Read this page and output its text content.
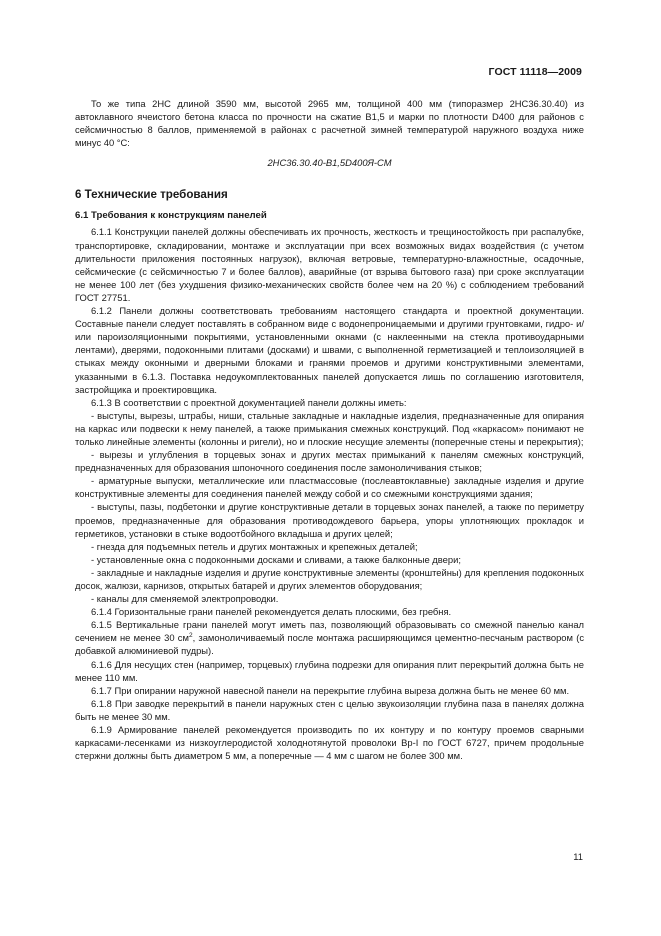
ГОСТ 11118—2009

То же типа 2НС длиной 3590 мм, высотой 2965 мм, толщиной 400 мм (типоразмер 2НС36.30.40) из автоклавного ячеистого бетона класса по прочности на сжатие В1,5 и марки по плотности D400 для районов с сейсмичностью 8 баллов, применяемой в районах с расчетной зимней температурой наружного воздуха ниже минус 40 °С:

2НС36.30.40-В1,5D400Я-СМ

6 Технические требования
6.1 Требования к конструкциям панелей

6.1.1 Конструкции панелей должны обеспечивать их прочность, жесткость и трещиностойкость при распалубке, транспортировке, складировании, монтаже и эксплуатации при всех возможных видах воздействия (с учетом длительности приложения постоянных нагрузок), включая ветровые, температурно-влажностные, осадочные, сейсмические (с сейсмичностью 7 и более баллов), аварийные (от взрыва бытового газа) при сроке эксплуатации не менее 100 лет (без ухудшения физико-механических свойств более чем на 20 %) с соблюдением требований ГОСТ 27751.

6.1.2 Панели должны соответствовать требованиям настоящего стандарта и проектной документации. Составные панели следует поставлять в собранном виде с водонепроницаемыми и другими грунтовками, гидро- и/или пароизоляционными покрытиями, установленными окнами (с наклеенными на стекла противоударными лентами), дверями, подоконными плитами (досками) и швами, с выполненной герметизацией и теплоизоляцией в стыках между оконными и дверными блоками и гранями проемов и другими конструктивными элементами, указанными в 6.1.3. Поставка недоукомплектованных панелей допускается лишь по соглашению изготовителя, застройщика и проектировщика.

6.1.3 В соответствии с проектной документацией панели должны иметь:

- выступы, вырезы, штрабы, ниши, стальные закладные и накладные изделия, предназначенные для опирания на каркас или подвески к нему панелей, а также примыкания смежных конструкций. Под «каркасом» понимают не только линейные элементы (колонны и ригели), но и плоские несущие элементы (поперечные стены и перекрытия);

- вырезы и углубления в торцевых зонах и других местах примыканий к панелям смежных конструкций, предназначенных для образования шпоночного соединения после замоноличивания стыков;

- арматурные выпуски, металлические или пластмассовые (послеавтоклавные) закладные изделия и другие конструктивные элементы для соединения панелей между собой и со смежными конструкциями здания;

- выступы, пазы, подбетонки и другие конструктивные детали в торцевых зонах панелей, а также по периметру проемов, предназначенные для образования противодождевого барьера, упоры уплотняющих прокладок и герметиков, установки в стыке водоотбойного вкладыша и других целей;

- гнезда для подъемных петель и других монтажных и крепежных деталей;

- установленные окна с подоконными досками и сливами, а также балконные двери;

- закладные и накладные изделия и другие конструктивные элементы (кронштейны) для крепления подоконных досок, жалюзи, карнизов, открытых батарей и других элементов оборудования;

- каналы для сменяемой электропроводки.

6.1.4 Горизонтальные грани панелей рекомендуется делать плоскими, без гребня.

6.1.5 Вертикальные грани панелей могут иметь паз, позволяющий образовывать со смежной панелью канал сечением не менее 30 $см^2$, замоноличиваемый после монтажа расширяющимся цементно-песчаным раствором (с добавкой алюминиевой пудры).

6.1.6 Для несущих стен (например, торцевых) глубина подрезки для опирания плит перекрытий должна быть не менее 110 мм.

6.1.7 При опирании наружной навесной панели на перекрытие глубина выреза должна быть не менее 60 мм.

6.1.8 При заводке перекрытий в панели наружных стен с целью звукоизоляции глубина паза в панелях должна быть не менее 30 мм.

6.1.9 Армирование панелей рекомендуется производить по их контуру и по контуру проемов сварными каркасами-лесенками из низкоуглеродистой холоднотянутой проволоки Вр-I по ГОСТ 6727, причем продольные стержни должны быть диаметром 5 мм, а поперечные — 4 мм с шагом не более 300 мм.

11
